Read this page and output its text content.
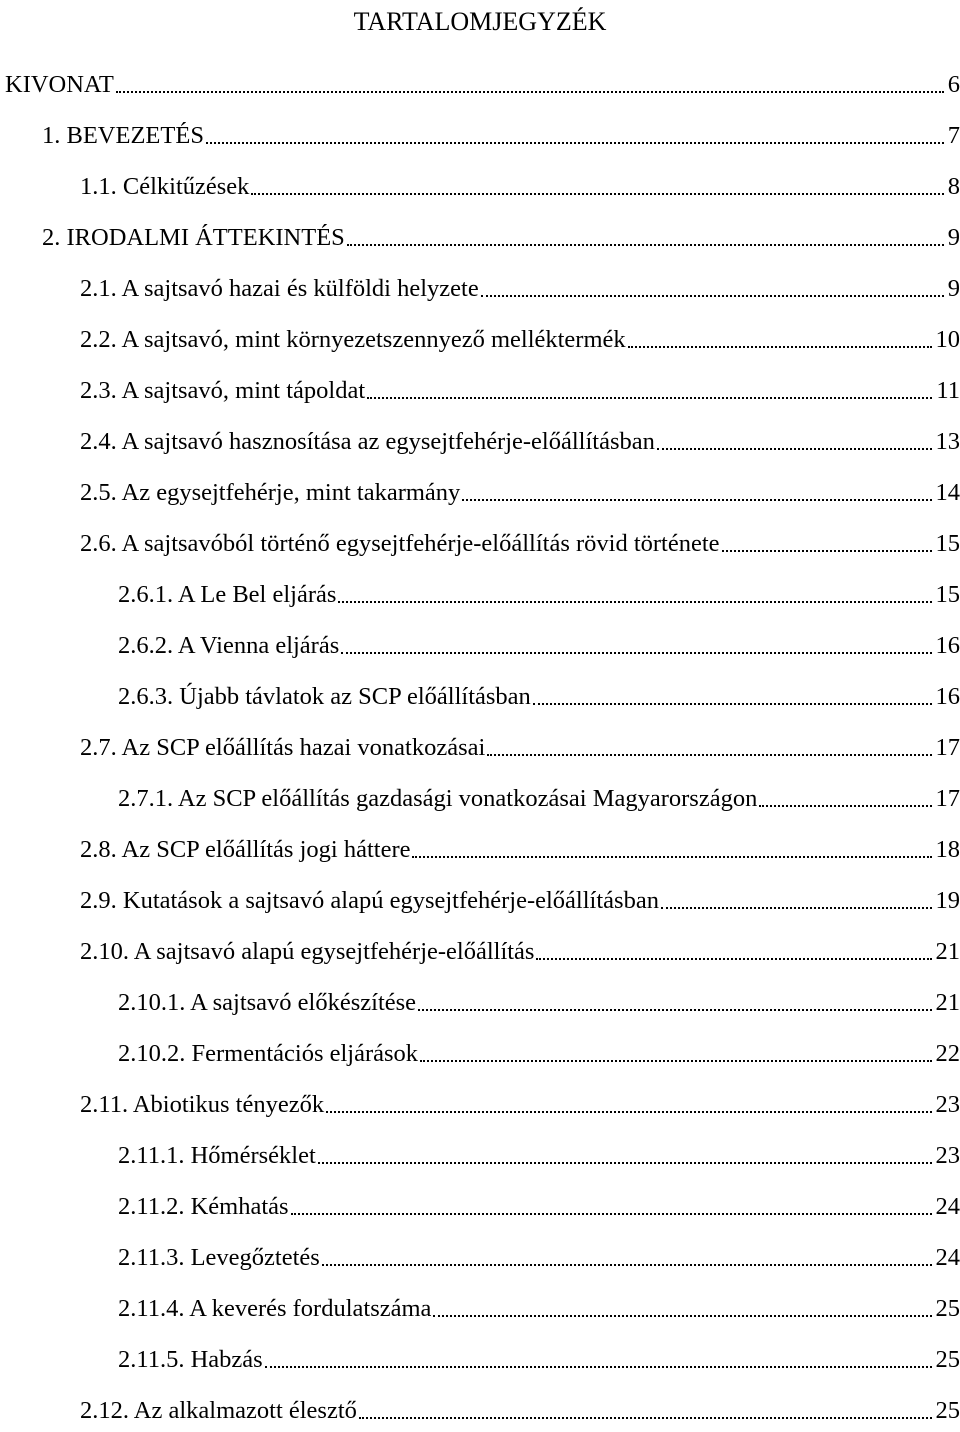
TARTALOMJEGYZÉK
KIVONAT	6
1. BEVEZETÉS	7
1.1. Célkitűzések	8
2. IRODALMI ÁTTEKINTÉS	9
2.1. A sajtsavó hazai és külföldi helyzete	9
2.2. A sajtsavó, mint környezetszennyező melléktermék	10
2.3. A sajtsavó, mint tápoldat	11
2.4. A sajtsavó hasznosítása az egysejtfehérje-előállításban	13
2.5. Az egysejtfehérje, mint takarmány	14
2.6. A sajtsavóból történő egysejtfehérje-előállítás rövid története	15
2.6.1. A Le Bel eljárás	15
2.6.2. A Vienna eljárás	16
2.6.3. Újabb távlatok az SCP előállításban	16
2.7. Az SCP előállítás hazai vonatkozásai	17
2.7.1. Az SCP előállítás gazdasági vonatkozásai Magyarországon	17
2.8. Az SCP előállítás jogi háttere	18
2.9. Kutatások a sajtsavó alapú egysejtfehérje-előállításban	19
2.10. A sajtsavó alapú egysejtfehérje-előállítás	21
2.10.1. A sajtsavó előkészítése	21
2.10.2. Fermentációs eljárások	22
2.11. Abiotikus tényezők	23
2.11.1. Hőmérséklet	23
2.11.2. Kémhatás	24
2.11.3. Levegőztetés	24
2.11.4. A keverés fordulatszáma	25
2.11.5. Habzás	25
2.12. Az alkalmazott élesztő	25
